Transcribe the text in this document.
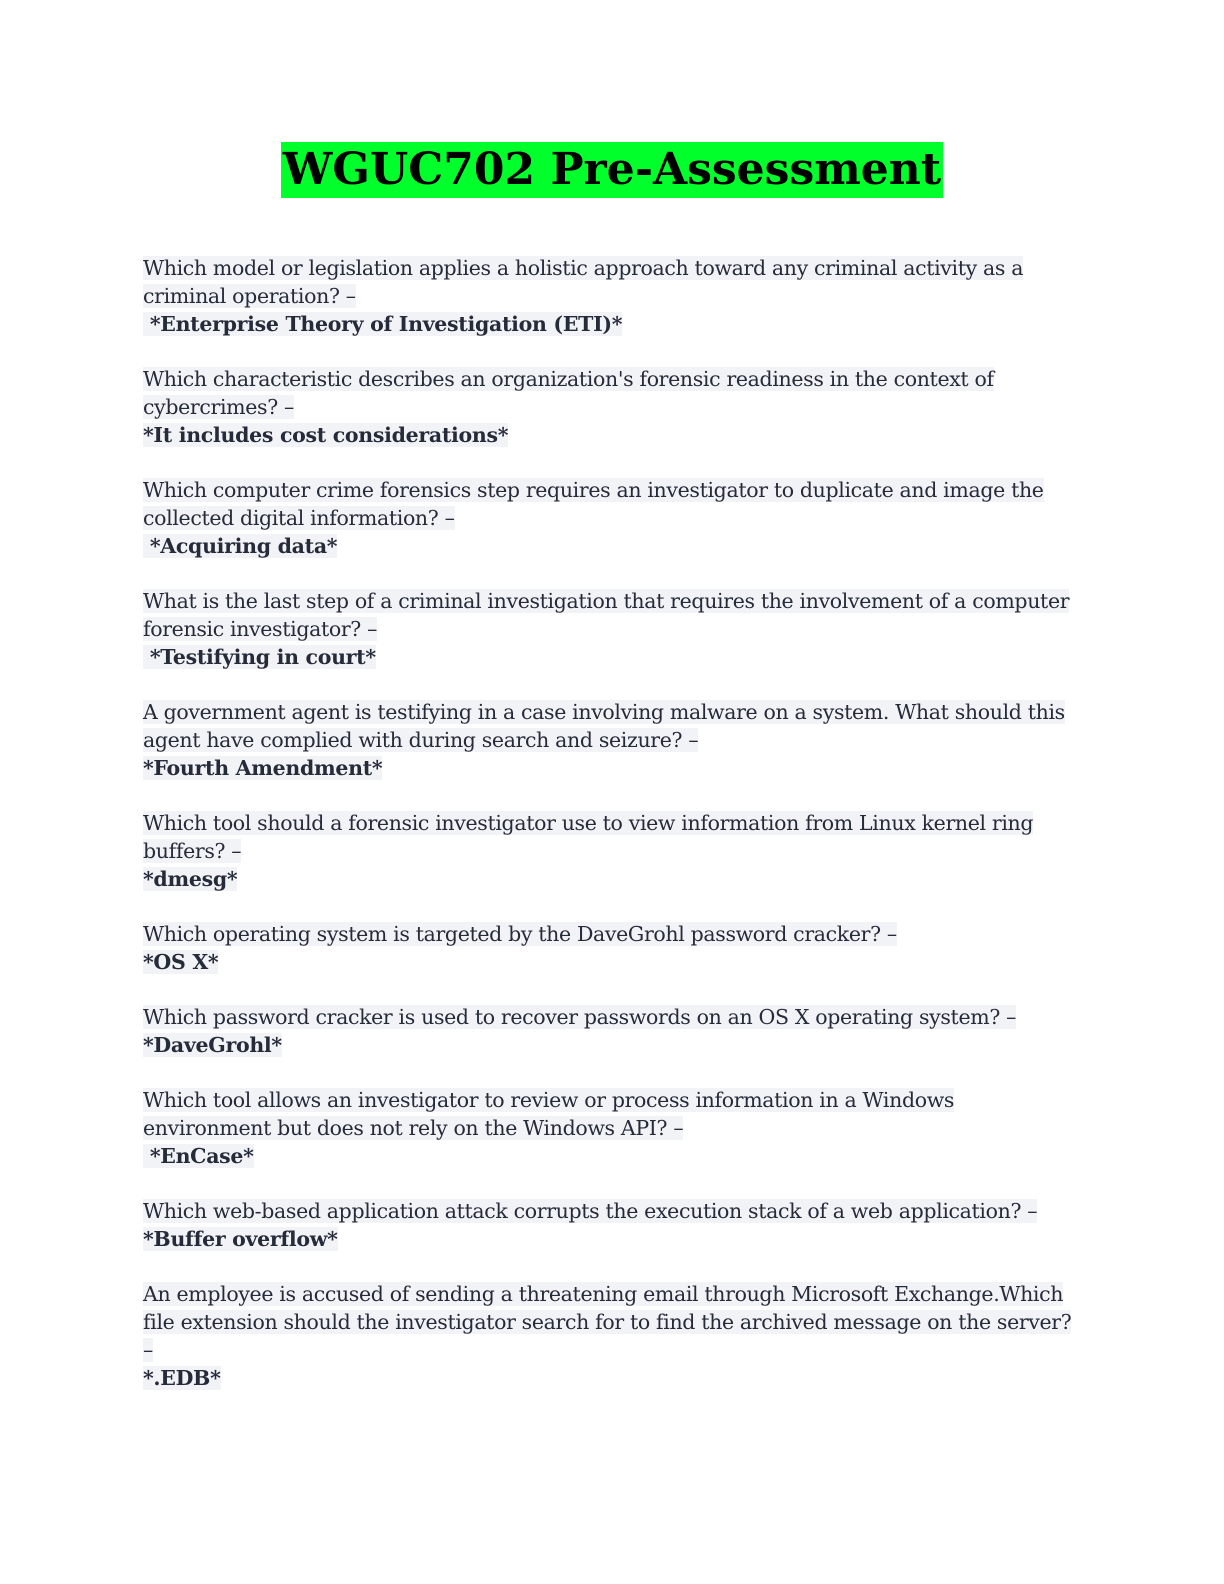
WGUC702 Pre-Assessment

Which model or legislation applies a holistic approach toward any criminal activity as a criminal operation? –

*Enterprise Theory of Investigation (ETI)*

Which characteristic describes an organization's forensic readiness in the context of cybercrimes? –

*It includes cost considerations*

Which computer crime forensics step requires an investigator to duplicate and image the collected digital information? –

*Acquiring data*

What is the last step of a criminal investigation that requires the involvement of a computer forensic investigator? –

*Testifying in court*

A government agent is testifying in a case involving malware on a system. What should this agent have complied with during search and seizure? –

*Fourth Amendment*

Which tool should a forensic investigator use to view information from Linux kernel ring buffers? –

*dmesg*

Which operating system is targeted by the DaveGrohl password cracker? –

*OS X*

Which password cracker is used to recover passwords on an OS X operating system? –

*DaveGrohl*

Which tool allows an investigator to review or process information in a Windows environment but does not rely on the Windows API? –

*EnCase*

Which web-based application attack corrupts the execution stack of a web application? –

*Buffer overflow*

An employee is accused of sending a threatening email through Microsoft Exchange.Which file extension should the investigator search for to find the archived message on the server? –

*.EDB*
